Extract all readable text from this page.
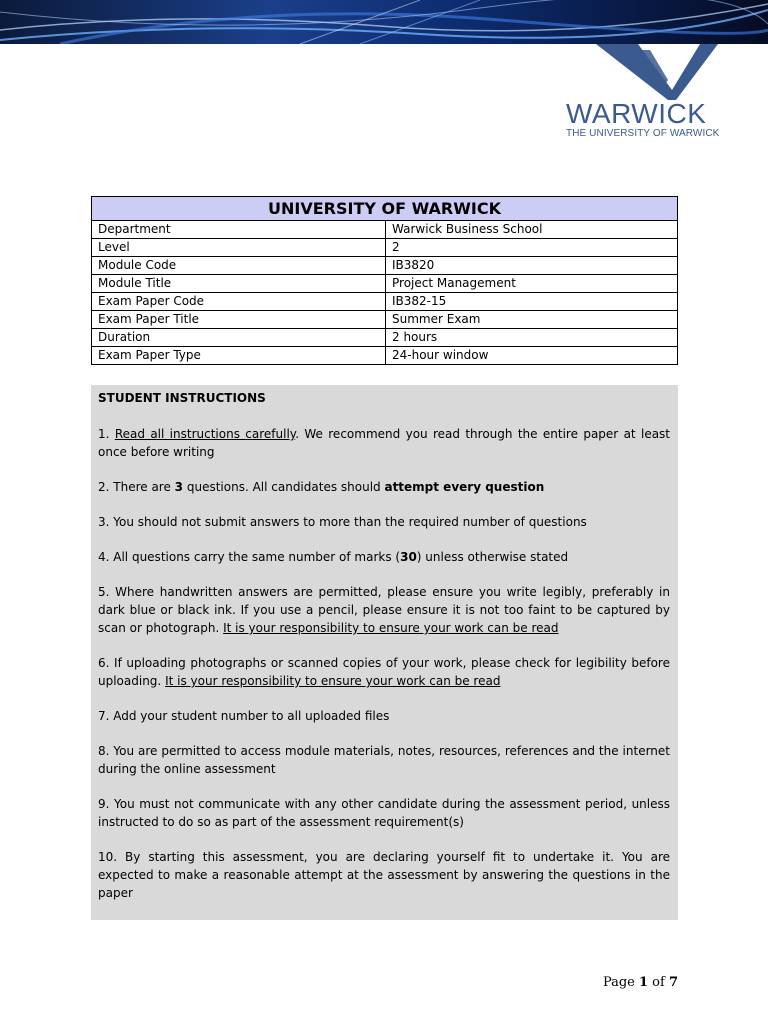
WARWICK
THE UNIVERSITY OF WARWICK
UNIVERSITY OF WARWICK	
Department	Warwick Business School
Level	2
Module Code	IB3820
Module Title	Project Management
Exam Paper Code	IB382-15
Exam Paper Title	Summer Exam
Duration	2 hours
Exam Paper Type	24-hour window
STUDENT INSTRUCTIONS

1. Read all instructions carefully. We recommend you read through the entire paper at least once before writing

2. There are 3 questions. All candidates should attempt every question

3. You should not submit answers to more than the required number of questions

4. All questions carry the same number of marks (30) unless otherwise stated

5. Where handwritten answers are permitted, please ensure you write legibly, preferably in dark blue or black ink. If you use a pencil, please ensure it is not too faint to be captured by scan or photograph. It is your responsibility to ensure your work can be read

6. If uploading photographs or scanned copies of your work, please check for legibility before uploading. It is your responsibility to ensure your work can be read

7. Add your student number to all uploaded files

8. You are permitted to access module materials, notes, resources, references and the internet during the online assessment

9. You must not communicate with any other candidate during the assessment period, unless instructed to do so as part of the assessment requirement(s)

10. By starting this assessment, you are declaring yourself fit to undertake it. You are expected to make a reasonable attempt at the assessment by answering the questions in the paper

Page 1 of 7
